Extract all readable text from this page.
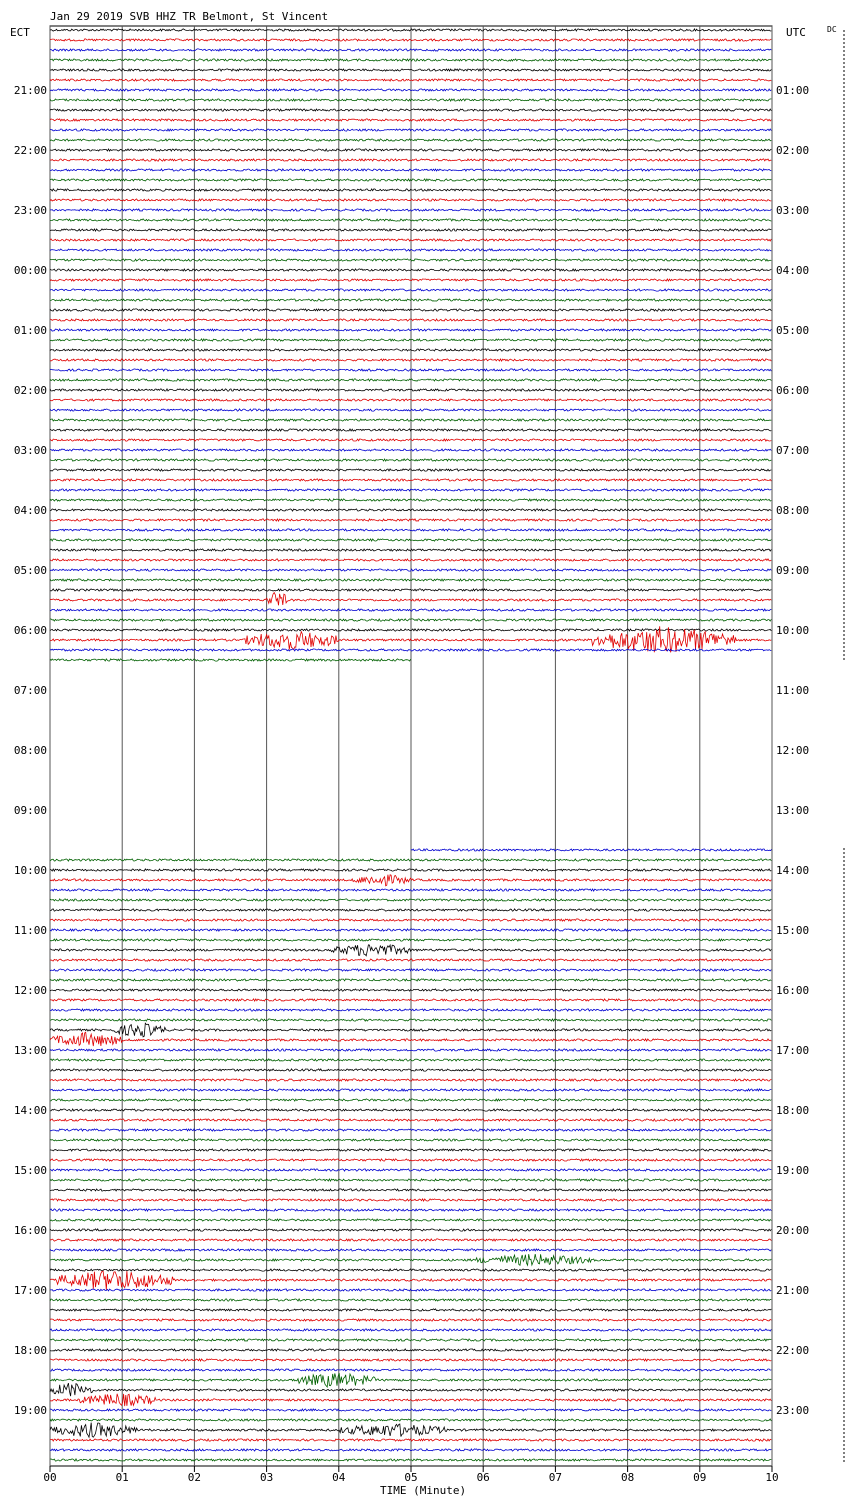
Jan 29 2019 SVB HHZ TR Belmont, St Vincent
ECT	UTC	DC
TIME (Minute)
00	01	02	03	04	05	06	07	08	09	10
21:00
22:00
23:00
00:00
01:00
02:00
03:00
04:00
05:00
06:00
07:00
08:00
09:00
10:00
11:00
12:00
13:00
14:00
15:00
16:00
17:00
18:00
19:00
01:00
02:00
03:00
04:00
05:00
06:00
07:00
08:00
09:00
10:00
11:00
12:00
13:00
14:00
15:00
16:00
17:00
18:00
19:00
20:00
21:00
22:00
23:00
